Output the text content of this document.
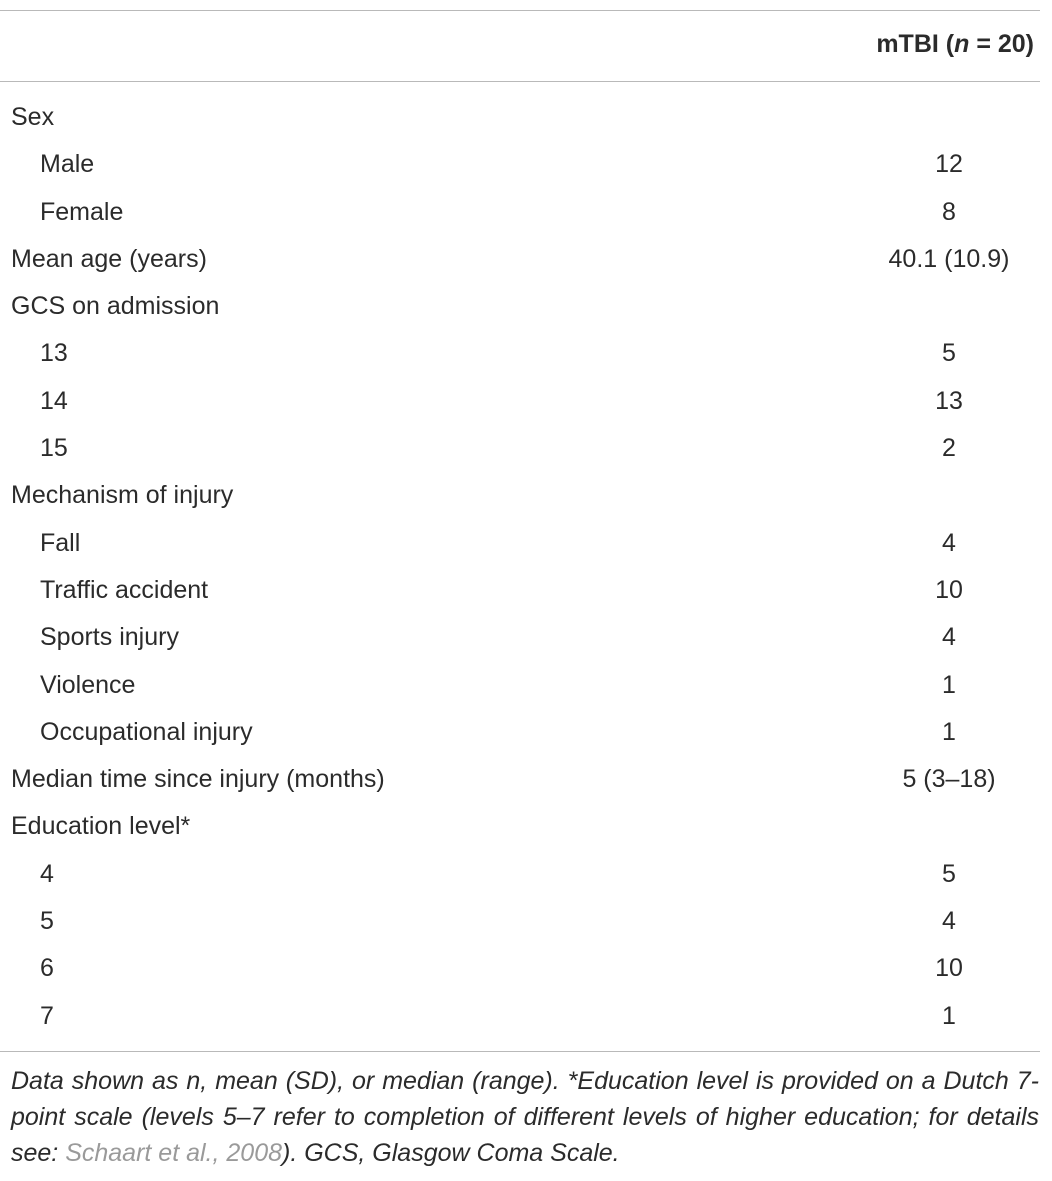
mTBI (n = 20)
Sex
Male	12
Female	8
Mean age (years)	40.1 (10.9)
GCS on admission
13	5
14	13
15	2
Mechanism of injury
Fall	4
Traffic accident	10
Sports injury	4
Violence	1
Occupational injury	1
Median time since injury (months)	5 (3–18)
Education level*
4	5
5	4
6	10
7	1
Data shown as n, mean (SD), or median (range). *Education level is provided on a Dutch 7-point scale (levels 5–7 refer to completion of different levels of higher education; for details see: Schaart et al., 2008). GCS, Glasgow Coma Scale.
